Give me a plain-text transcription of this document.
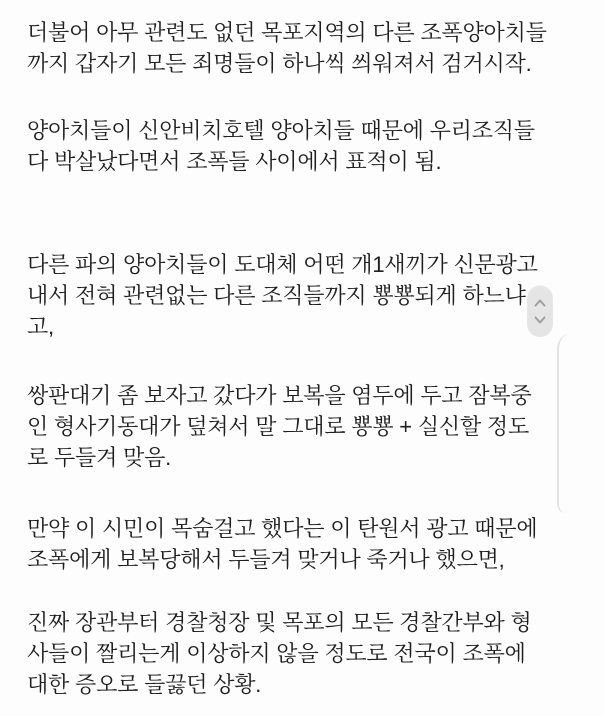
더불어 아무 관련도 없던 목포지역의 다른 조폭양아치들
까지 갑자기 모든 죄명들이 하나씩 씌워져서 검거시작.
양아치들이 신안비치호텔 양아치들 때문에 우리조직들
다 박살났다면서 조폭들 사이에서 표적이 됨.
다른 파의 양아치들이 도대체 어떤 개1새끼가 신문광고
내서 전혀 관련없는 다른 조직들까지 뿅뿅되게 하느냐
고,
쌍판대기 좀 보자고 갔다가 보복을 염두에 두고 잠복중
인 형사기동대가 덮쳐서 말 그대로 뿅뿅 + 실신할 정도
로 두들겨 맞음.
만약 이 시민이 목숨걸고 했다는 이 탄원서 광고 때문에
조폭에게 보복당해서 두들겨 맞거나 죽거나 했으면,
진짜 장관부터 경찰청장 및 목포의 모든 경찰간부와 형
사들이 짤리는게 이상하지 않을 정도로 전국이 조폭에
대한 증오로 들끓던 상황.
